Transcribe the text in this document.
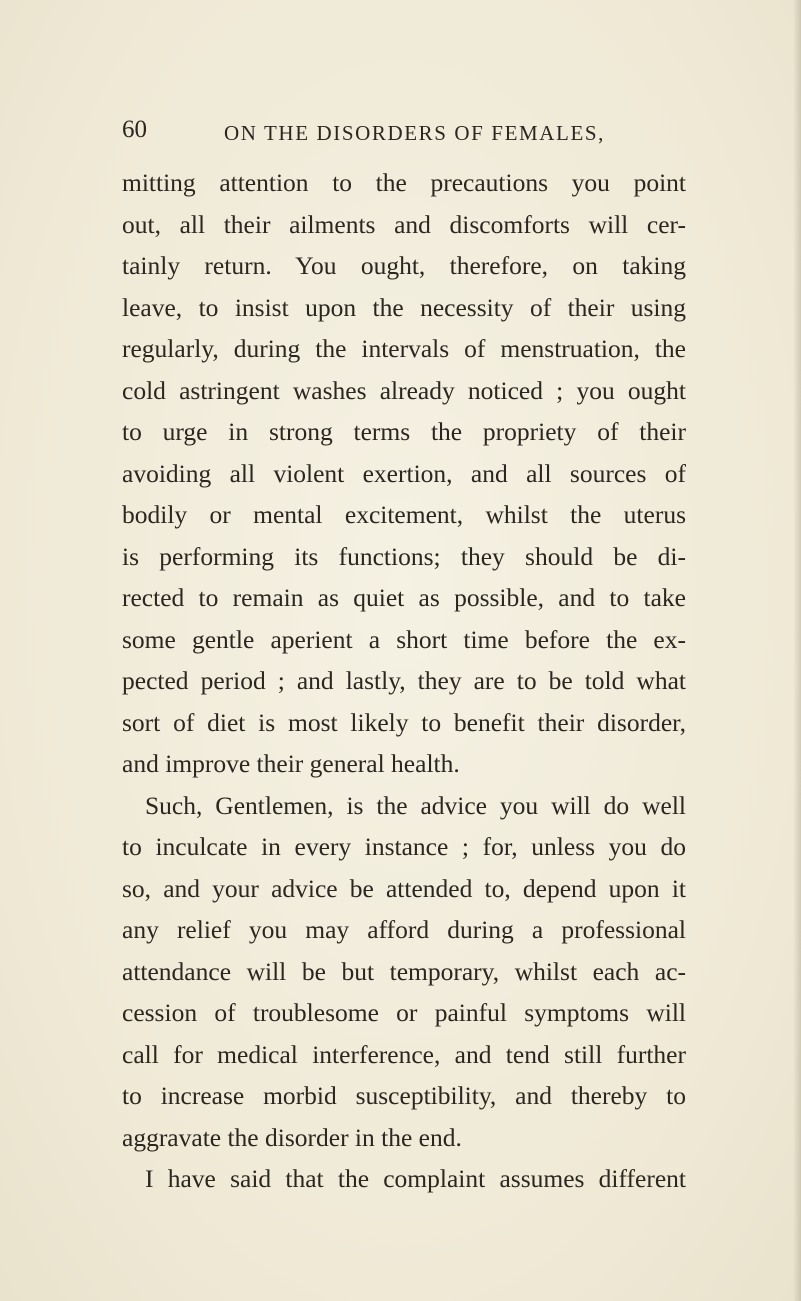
60	ON THE DISORDERS OF FEMALES,
mitting attention to the precautions you point
out, all their ailments and discomforts will cer-
tainly return. You ought, therefore, on taking
leave, to insist upon the necessity of their using
regularly, during the intervals of menstruation, the
cold astringent washes already noticed ; you ought
to urge in strong terms the propriety of their
avoiding all violent exertion, and all sources of
bodily or mental excitement, whilst the uterus
is performing its functions; they should be di-
rected to remain as quiet as possible, and to take
some gentle aperient a short time before the ex-
pected period ; and lastly, they are to be told what
sort of diet is most likely to benefit their disorder,
and improve their general health.
Such, Gentlemen, is the advice you will do well
to inculcate in every instance ; for, unless you do
so, and your advice be attended to, depend upon it
any relief you may afford during a professional
attendance will be but temporary, whilst each ac-
cession of troublesome or painful symptoms will
call for medical interference, and tend still further
to increase morbid susceptibility, and thereby to
aggravate the disorder in the end.
I have said that the complaint assumes different
